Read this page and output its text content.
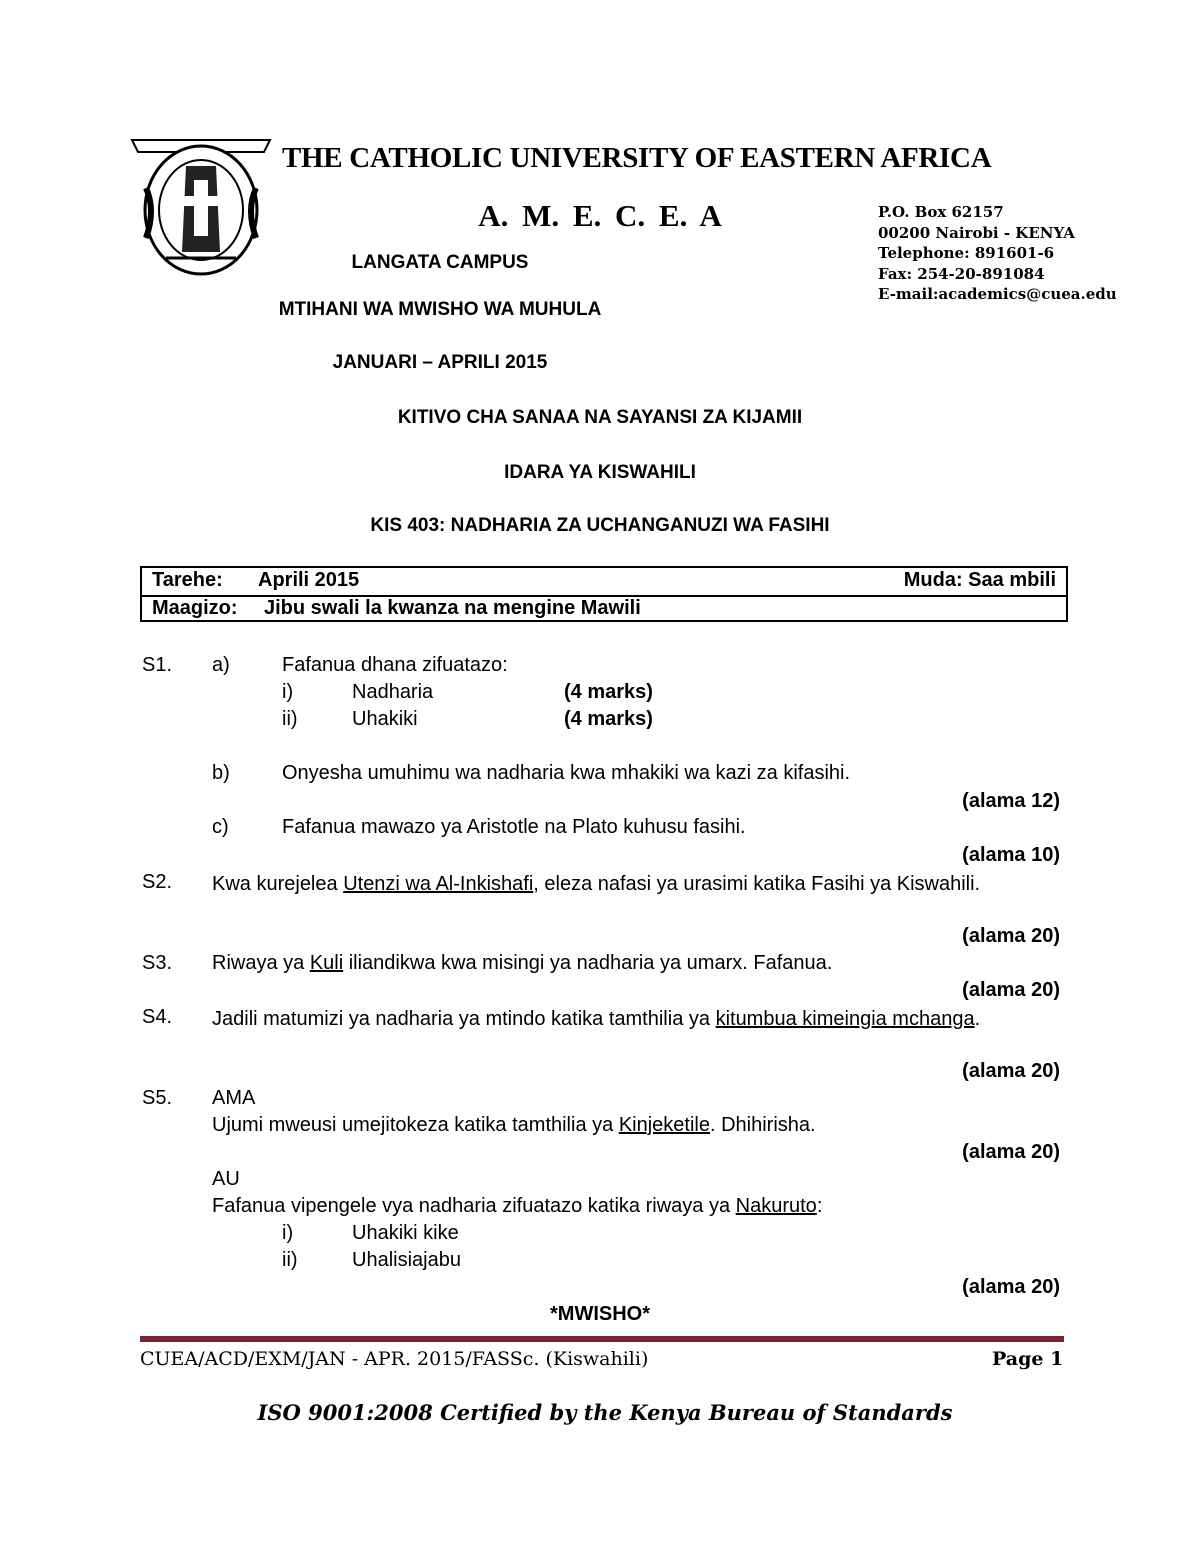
THE CATHOLIC UNIVERSITY OF EASTERN AFRICA
A. M. E. C. E. A	P.O. Box 62157
00200 Nairobi - KENYA
Telephone: 891601-6
Fax: 254-20-891084
E-mail:academics@cuea.edu
LANGATA CAMPUS
MTIHANI WA MWISHO WA MUHULA
JANUARI – APRILI 2015
KITIVO CHA SANAA NA SAYANSI ZA KIJAMII
IDARA YA KISWAHILI
KIS 403: NADHARIA ZA UCHANGANUZI WA FASIHI
Tarehe: Aprili 2015	Muda: Saa mbili
Maagizo: Jibu swali la kwanza na mengine Mawili
S1. a)	Fafanua dhana zifuatazo:
i)	Nadharia	(4 marks)
ii)	Uhakiki	(4 marks)
b)	Onyesha umuhimu wa nadharia kwa mhakiki wa kazi za kifasihi.
(alama 12)
c)	Fafanua mawazo ya Aristotle na Plato kuhusu fasihi.
(alama 10)
S2. Kwa kurejelea Utenzi wa Al-Inkishafi, eleza nafasi ya urasimi katika Fasihi ya Kiswahili.
(alama 20)
S3. Riwaya ya Kuli iliandikwa kwa misingi ya nadharia ya umarx. Fafanua.
(alama 20)
S4. Jadili matumizi ya nadharia ya mtindo katika tamthilia ya kitumbua kimeingia mchanga.
(alama 20)
S5. AMA
Ujumi mweusi umejitokeza katika tamthilia ya Kinjeketile. Dhihirisha.
(alama 20)
AU
Fafanua vipengele vya nadharia zifuatazo katika riwaya ya Nakuruto:
i)	Uhakiki kike
ii)	Uhalisiajabu
(alama 20)
*MWISHO*
CUEA/ACD/EXM/JAN - APR. 2015/FASSc. (Kiswahili)	Page 1
ISO 9001:2008 Certified by the Kenya Bureau of Standards
